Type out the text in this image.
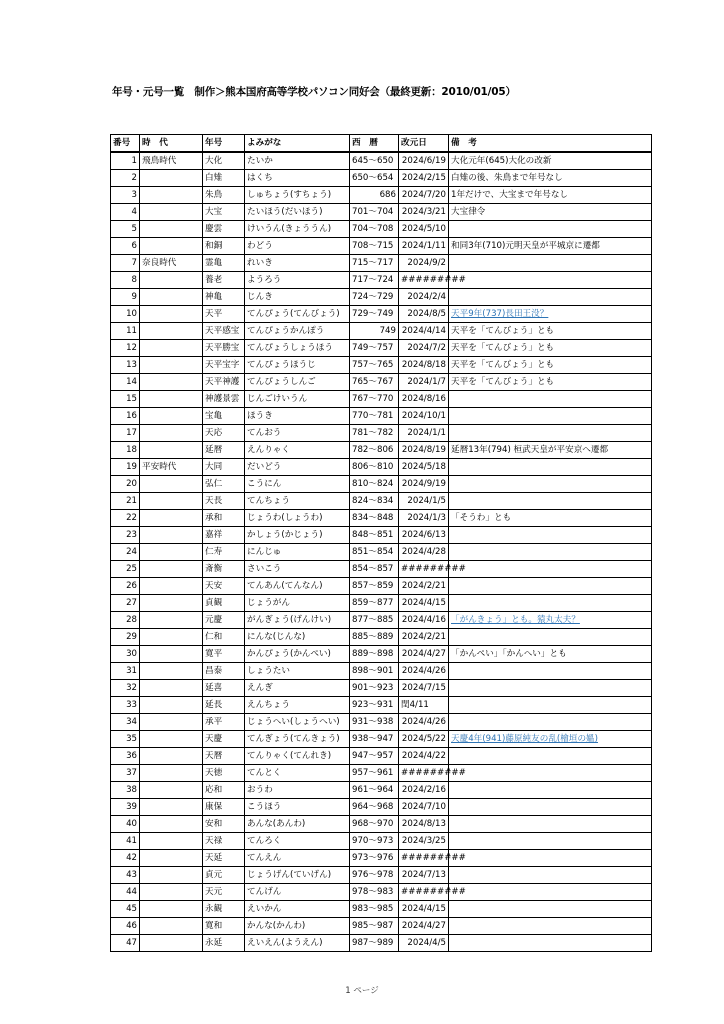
年号・元号一覧　制作＞熊本国府高等学校パソコン同好会（最終更新：2010/01/05）
番号	時　代	年号	よみがな	西　暦	改元日	備　考
1	飛鳥時代	大化	たいか	645～650	2024/6/19	大化元年(645)大化の改新
2		白雉	はくち	650～654	2024/2/15	白雉の後、朱鳥まで年号なし
3		朱鳥	しゅちょう(すちょう)	686	2024/7/20	1年だけで、大宝まで年号なし
4		大宝	たいほう(だいほう)	701～704	2024/3/21	大宝律令
5		慶雲	けいうん(きょううん)	704～708	2024/5/10	
6		和銅	わどう	708～715	2024/1/11	和同3年(710)元明天皇が平城京に遷都
7	奈良時代	霊亀	れいき	715～717	2024/9/2	
8		養老	ようろう	717～724	#########	
9		神亀	じんき	724～729	2024/2/4	
10		天平	てんぴょう(てんびょう)	729～749	2024/8/5	天平9年(737)長田王没？
11		天平感宝	てんぴょうかんぽう	749	2024/4/14	天平を「てんびょう」とも
12		天平勝宝	てんぴょうしょうほう	749～757	2024/7/2	天平を「てんびょう」とも
13		天平宝字	てんぴょうほうじ	757～765	2024/8/18	天平を「てんびょう」とも
14		天平神護	てんぴょうしんご	765～767	2024/1/7	天平を「てんびょう」とも
15		神護景雲	じんごけいうん	767～770	2024/8/16	
16		宝亀	ほうき	770～781	2024/10/1	
17		天応	てんおう	781～782	2024/1/1	
18		延暦	えんりゃく	782～806	2024/8/19	延暦13年(794) 桓武天皇が平安京へ遷都
19	平安時代	大同	だいどう	806～810	2024/5/18	
20		弘仁	こうにん	810～824	2024/9/19	
21		天長	てんちょう	824～834	2024/1/5	
22		承和	じょうわ(しょうわ)	834～848	2024/1/3	「そうわ」とも
23		嘉祥	かしょう(かじょう)	848～851	2024/6/13	
24		仁寿	にんじゅ	851～854	2024/4/28	
25		斎衡	さいこう	854～857	#########	
26		天安	てんあん(てんなん)	857～859	2024/2/21	
27		貞観	じょうがん	859～877	2024/4/15	
28		元慶	がんぎょう(げんけい)	877～885	2024/4/16	「がんきょう」とも。猿丸太夫？
29		仁和	にんな(じんな)	885～889	2024/2/21	
30		寛平	かんぴょう(かんぺい)	889～898	2024/4/27	「かんぺい」「かんへい」とも
31		昌泰	しょうたい	898～901	2024/4/26	
32		延喜	えんぎ	901～923	2024/7/15	
33		延長	えんちょう	923～931	閏4/11	
34		承平	じょうへい(しょうへい)	931～938	2024/4/26	
35		天慶	てんぎょう(てんきょう)	938～947	2024/5/22	天慶4年(941)藤原純友の乱(檜垣の媼)
36		天暦	てんりゃく(てんれき)	947～957	2024/4/22	
37		天徳	てんとく	957～961	#########	
38		応和	おうわ	961～964	2024/2/16	
39		康保	こうほう	964～968	2024/7/10	
40		安和	あんな(あんわ)	968～970	2024/8/13	
41		天禄	てんろく	970～973	2024/3/25	
42		天延	てんえん	973～976	#########	
43		貞元	じょうげん(ていげん)	976～978	2024/7/13	
44		天元	てんげん	978～983	#########	
45		永観	えいかん	983～985	2024/4/15	
46		寛和	かんな(かんわ)	985～987	2024/4/27	
47		永延	えいえん(ようえん)	987～989	2024/4/5	
1 ページ
